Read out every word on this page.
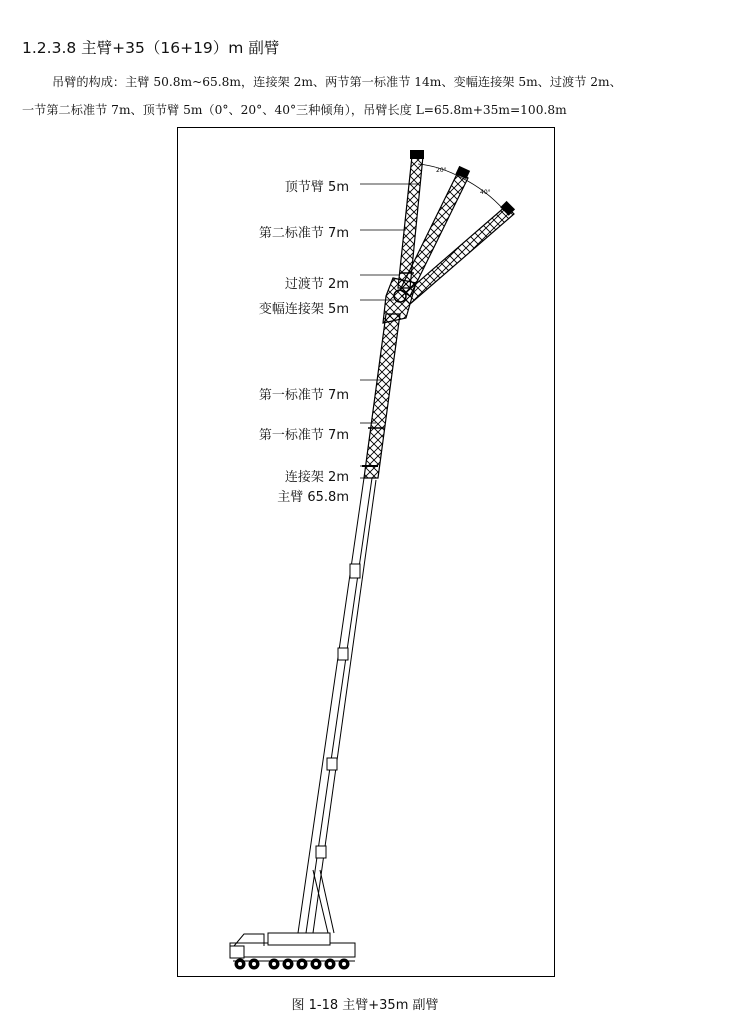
1.2.3.8 主臂+35（16+19）m 副臂

吊臂的构成：主臂 50.8m~65.8m，连接架 2m、两节第一标准节 14m、变幅连接架 5m、过渡节 2m、
一节第二标准节 7m、顶节臂 5m（0°、20°、40°三种倾角），吊臂长度 L=65.8m+35m=100.8m

20°
40°
顶节臂 5m
第二标准节 7m
过渡节 2m
变幅连接架 5m
第一标准节 7m
第一标准节 7m
连接架 2m
主臂 65.8m
图 1-18 主臂+35m 副臂
